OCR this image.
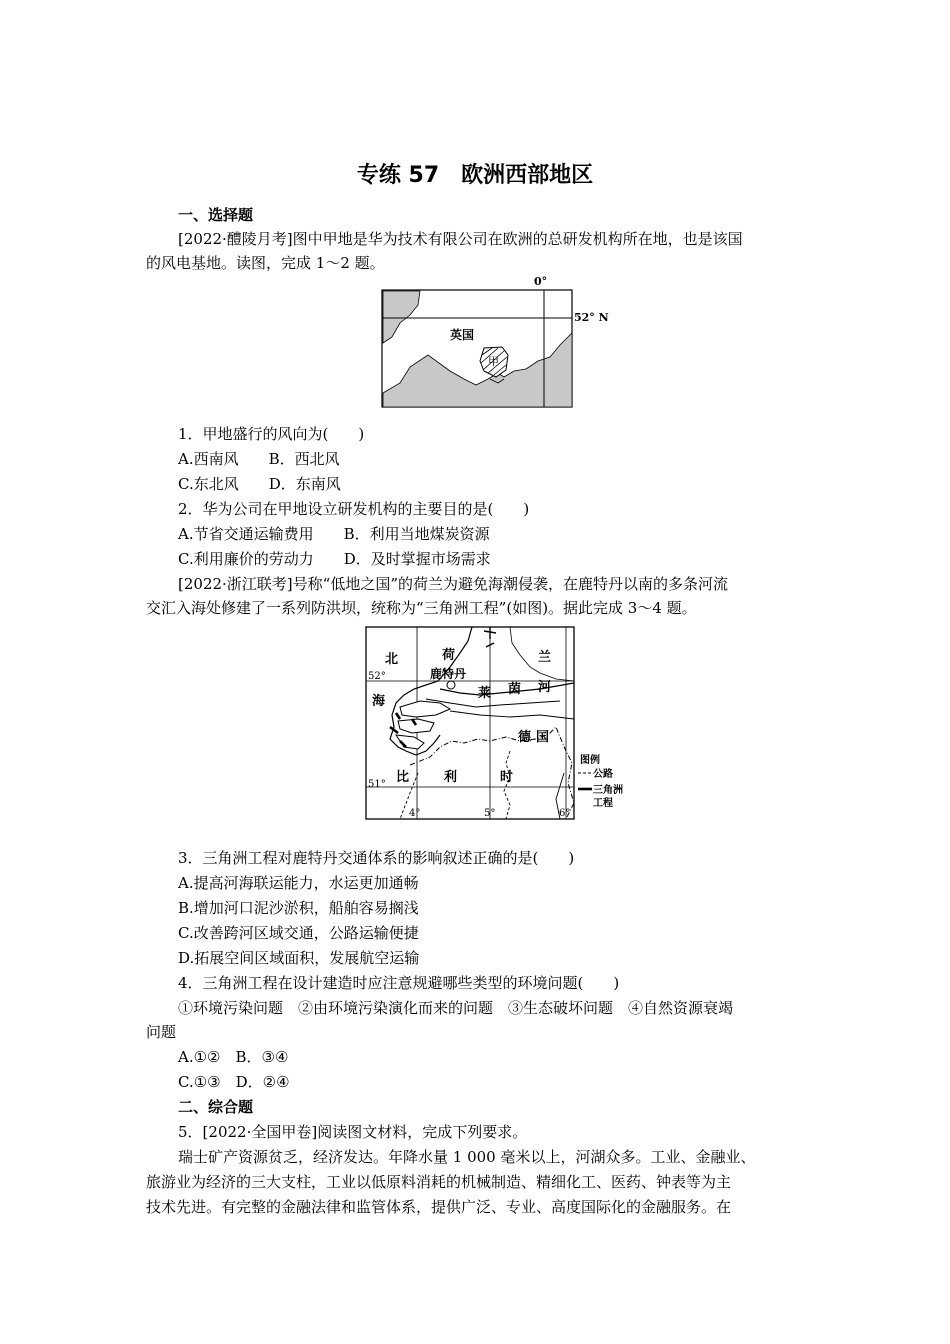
专练 57　欧洲西部地区
一、选择题
[2022·醴陵月考]图中甲地是华为技术有限公司在欧洲的总研发机构所在地，也是该国
的风电基地。读图，完成 1～2 题。
0°
52° N
英国
甲
1．甲地盛行的风向为(　　)
A.西南风　　B．西北风
C.东北风　　D．东南风
2．华为公司在甲地设立研发机构的主要目的是(　　)
A.节省交通运输费用　　B．利用当地煤炭资源
C.利用廉价的劳动力　　D．及时掌握市场需求
[2022·浙江联考]号称“低地之国”的荷兰为避免海潮侵袭，在鹿特丹以南的多条河流
交汇入海处修建了一系列防洪坝，统称为“三角洲工程”(如图)。据此完成 3～4 题。
北
海
荷	兰
鹿特丹
莱 茵 河
德 国
比	利	时
52°
51°
4°	5°	6°
图例
公路
三角洲
工程
3．三角洲工程对鹿特丹交通体系的影响叙述正确的是(　　)
A.提高河海联运能力，水运更加通畅
B.增加河口泥沙淤积，船舶容易搁浅
C.改善跨河区域交通，公路运输便捷
D.拓展空间区域面积，发展航空运输
4．三角洲工程在设计建造时应注意规避哪些类型的环境问题(　　)
①环境污染问题　②由环境污染演化而来的问题　③生态破坏问题　④自然资源衰竭
问题
A.①②　B．③④
C.①③　D．②④
二、综合题
5．[2022·全国甲卷]阅读图文材料，完成下列要求。
瑞士矿产资源贫乏，经济发达。年降水量 1 000 毫米以上，河湖众多。工业、金融业、
旅游业为经济的三大支柱，工业以低原料消耗的机械制造、精细化工、医药、钟表等为主
技术先进。有完整的金融法律和监管体系，提供广泛、专业、高度国际化的金融服务。在
